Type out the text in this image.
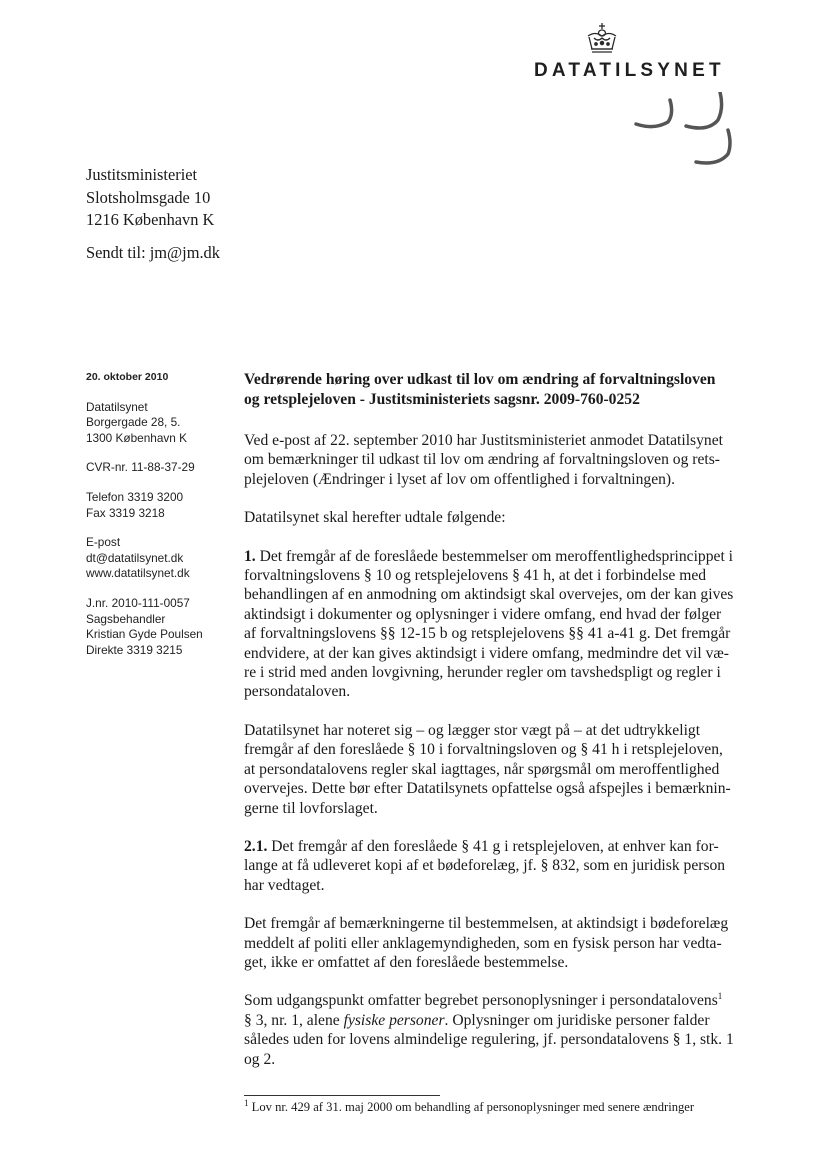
DATATILSYNET
Justitsministeriet
Slotsholmsgade 10
1216 København K
Sendt til: jm@jm.dk
20. oktober 2010
Datatilsynet
Borgergade 28, 5.
1300 København K
CVR-nr. 11-88-37-29
Telefon 3319 3200
Fax 3319 3218
E-post
dt@datatilsynet.dk
www.datatilsynet.dk
J.nr. 2010-111-0057
Sagsbehandler
Kristian Gyde Poulsen
Direkte 3319 3215
Vedrørende høring over udkast til lov om ændring af forvaltningsloven
og retsplejeloven - Justitsministeriets sagsnr. 2009-760-0252

Ved e-post af 22. september 2010 har Justitsministeriet anmodet Datatilsynet
om bemærkninger til udkast til lov om ændring af forvaltningsloven og rets-
plejeloven (Ændringer i lyset af lov om offentlighed i forvaltningen).

Datatilsynet skal herefter udtale følgende:

1. Det fremgår af de foreslåede bestemmelser om meroffentlighedsprincippet i
forvaltningslovens § 10 og retsplejelovens § 41 h, at det i forbindelse med
behandlingen af en anmodning om aktindsigt skal overvejes, om der kan gives
aktindsigt i dokumenter og oplysninger i videre omfang, end hvad der følger
af forvaltningslovens §§ 12-15 b og retsplejelovens §§ 41 a-41 g. Det fremgår
endvidere, at der kan gives aktindsigt i videre omfang, medmindre det vil væ-
re i strid med anden lovgivning, herunder regler om tavshedspligt og regler i
persondataloven.

Datatilsynet har noteret sig – og lægger stor vægt på – at det udtrykkeligt
fremgår af den foreslåede § 10 i forvaltningsloven og § 41 h i retsplejeloven,
at persondatalovens regler skal iagttages, når spørgsmål om meroffentlighed
overvejes. Dette bør efter Datatilsynets opfattelse også afspejles i bemærknin-
gerne til lovforslaget.

2.1. Det fremgår af den foreslåede § 41 g i retsplejeloven, at enhver kan for-
lange at få udleveret kopi af et bødeforelæg, jf. § 832, som en juridisk person
har vedtaget.

Det fremgår af bemærkningerne til bestemmelsen, at aktindsigt i bødeforelæg
meddelt af politi eller anklagemyndigheden, som en fysisk person har vedta-
get, ikke er omfattet af den foreslåede bestemmelse.

Som udgangspunkt omfatter begrebet personoplysninger i persondatalovens$^1$
§ 3, nr. 1, alene fysiske personer. Oplysninger om juridiske personer falder
således uden for lovens almindelige regulering, jf. persondatalovens § 1, stk. 1
og 2.

$^1$ Lov nr. 429 af 31. maj 2000 om behandling af personoplysninger med senere ændringer
